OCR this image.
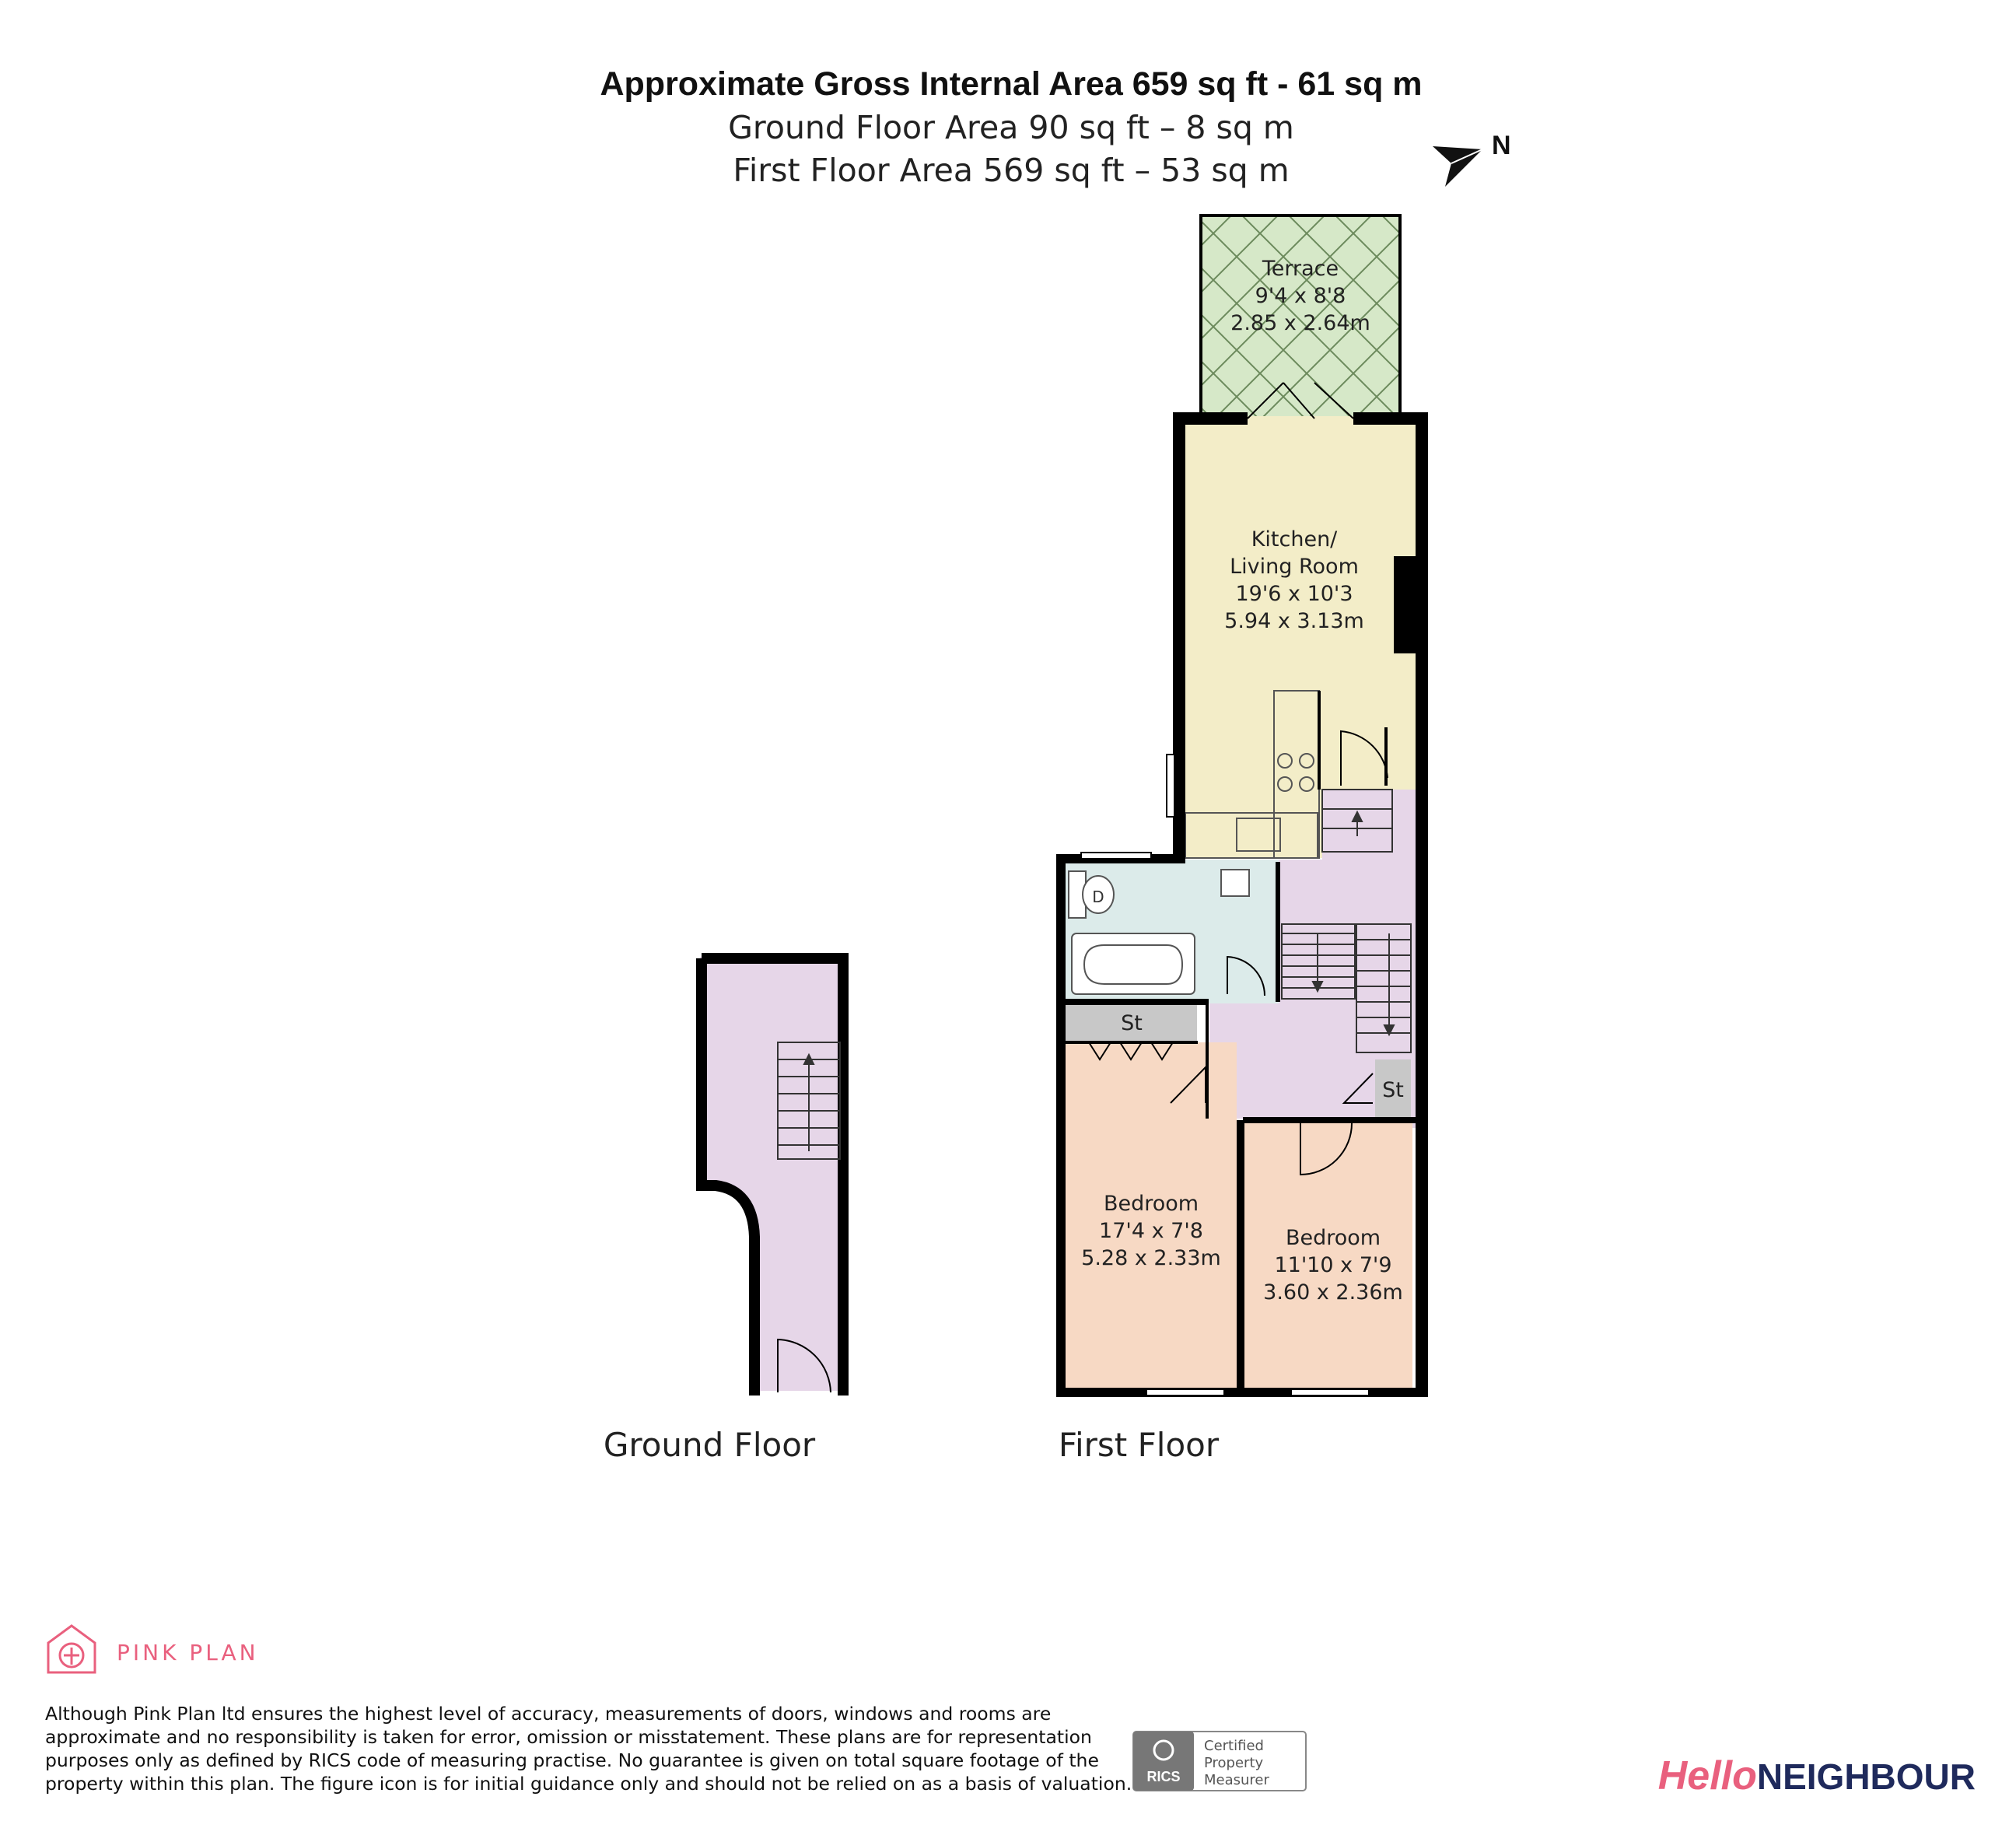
Approximate Gross Internal Area 659 sq ft - 61 sq m
Ground Floor Area 90 sq ft – 8 sq m
First Floor Area 569 sq ft – 53 sq m
N
D
Terrace
9'4 x 8'8
2.85 x 2.64m
Kitchen/
Living Room
19'6 x 10'3
5.94 x 3.13m
St
St
Bedroom
17'4 x 7'8
5.28 x 2.33m
Bedroom
11'10 x 7'9
3.60 x 2.36m
Ground Floor	First Floor
PINK PLAN
RICS
Certified
Property
Measurer	HelloNEIGHBOUR
Although Pink Plan ltd ensures the highest level of accuracy, measurements of doors, windows and rooms are
approximate and no responsibility is taken for error, omission or misstatement. These plans are for representation
purposes only as defined by RICS code of measuring practise. No guarantee is given on total square footage of the
property within this plan. The figure icon is for initial guidance only and should not be relied on as a basis of valuation.
